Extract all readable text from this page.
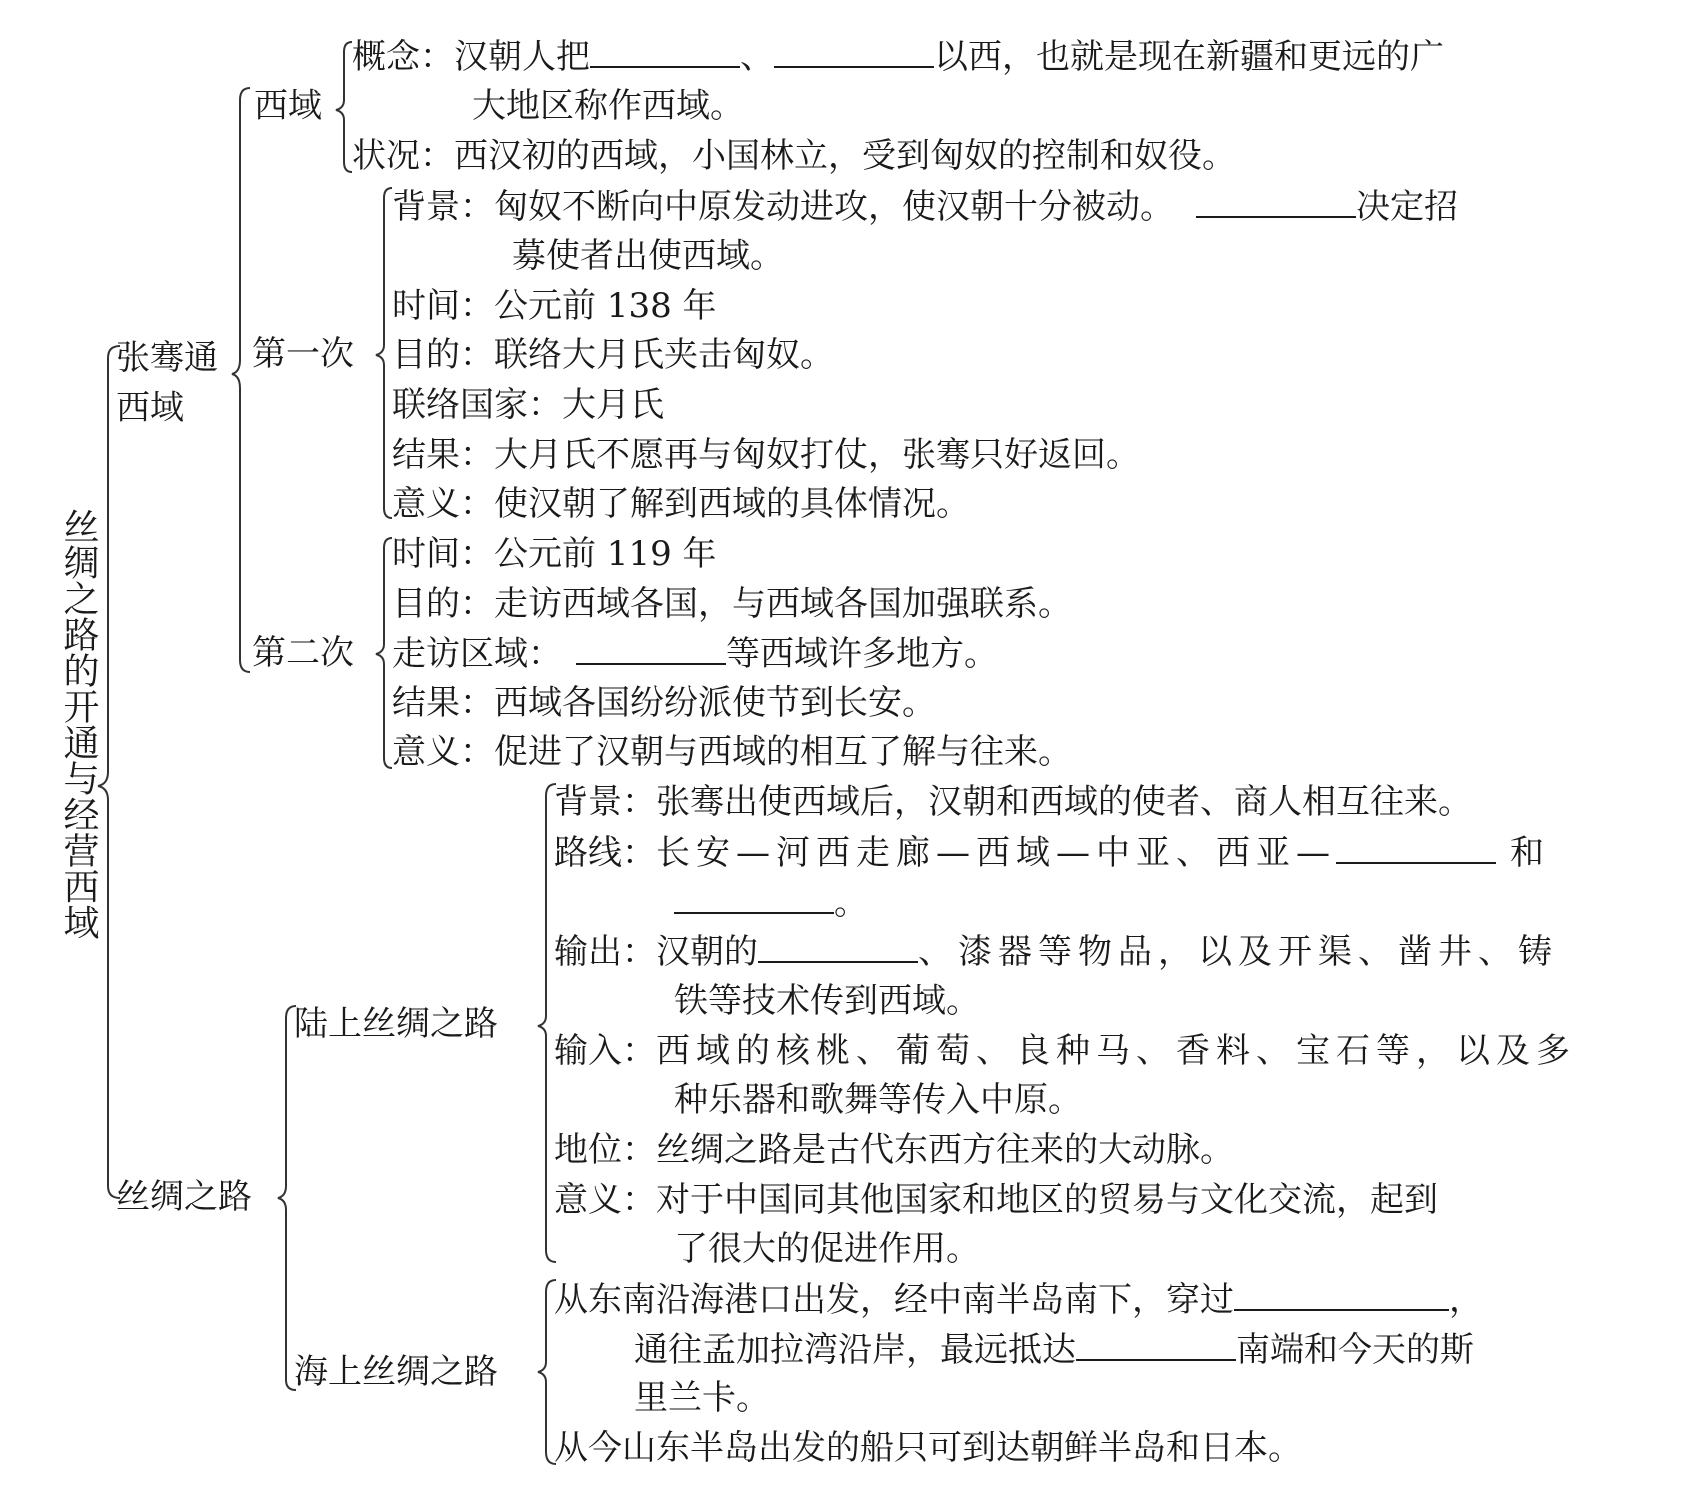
丝绸之路的开通与经营西域
张骞通
西域
丝绸之路
西域
第一次
第二次
陆上丝绸之路
海上丝绸之路
概念：汉朝人把	、	以西，也就是现在新疆和更远的广
大地区称作西域。
状况：西汉初的西域，小国林立，受到匈奴的控制和奴役。
背景：匈奴不断向中原发动进攻，使汉朝十分被动。	决定招
募使者出使西域。
时间：公元前 138 年
目的：联络大月氏夹击匈奴。
联络国家：大月氏
结果：大月氏不愿再与匈奴打仗，张骞只好返回。
意义：使汉朝了解到西域的具体情况。
时间：公元前 119 年
目的：走访西域各国，与西域各国加强联系。
走访区域：	等西域许多地方。
结果：西域各国纷纷派使节到长安。
意义：促进了汉朝与西域的相互了解与往来。
背景：张骞出使西域后，汉朝和西域的使者、商人相互往来。
路线：长安—河西走廊—西域—中亚、西亚—	和
。
输出：汉朝的	、漆器等物品，以及开渠、凿井、铸
铁等技术传到西域。
输入：西域的核桃、葡萄、良种马、香料、宝石等，以及多
种乐器和歌舞等传入中原。
地位：丝绸之路是古代东西方往来的大动脉。
意义：对于中国同其他国家和地区的贸易与文化交流，起到
了很大的促进作用。
从东南沿海港口出发，经中南半岛南下，穿过	，
通往孟加拉湾沿岸，最远抵达	南端和今天的斯
里兰卡。
从今山东半岛出发的船只可到达朝鲜半岛和日本。
